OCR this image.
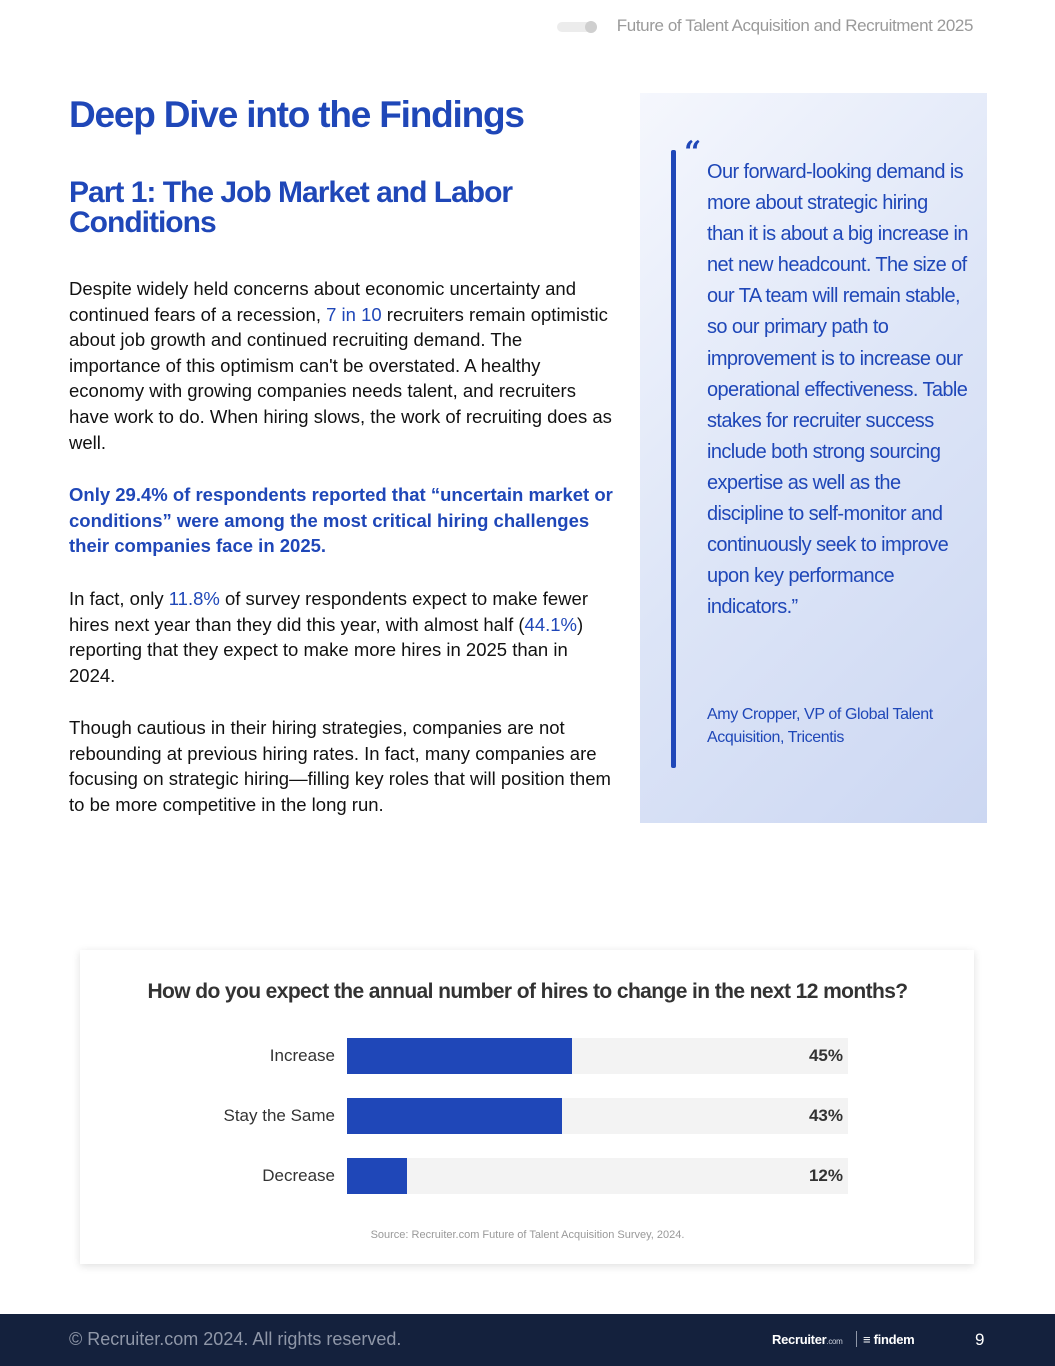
Future of Talent Acquisition and Recruitment 2025
Deep Dive into the Findings
Part 1: The Job Market and Labor Conditions

Despite widely held concerns about economic uncertainty and continued fears of a recession, 7 in 10 recruiters remain optimistic about job growth and continued recruiting demand. The importance of this optimism can't be overstated. A healthy economy with growing companies needs talent, and recruiters have work to do. When hiring slows, the work of recruiting does as well.

Only 29.4% of respondents reported that “uncertain market or conditions” were among the most critical hiring challenges their companies face in 2025.

In fact, only 11.8% of survey respondents expect to make fewer hires next year than they did this year, with almost half (44.1%) reporting that they expect to make more hires in 2025 than in 2024.

Though cautious in their hiring strategies, companies are not rebounding at previous hiring rates. In fact, many companies are focusing on strategic hiring—filling key roles that will position them to be more competitive in the long run.

“
Our forward-looking demand is more about strategic hiring than it is about a big increase in net new headcount. The size of our TA team will remain stable, so our primary path to improvement is to increase our operational effectiveness. Table stakes for recruiter success include both strong sourcing expertise as well as the discipline to self-monitor and continuously seek to improve upon key performance indicators.”
Amy Cropper, VP of Global Talent Acquisition, Tricentis
How do you expect the annual number of hires to change in the next 12 months?
Increase	45%
Stay the Same	43%
Decrease	12%
Source: Recruiter.com Future of Talent Acquisition Survey, 2024.
© Recruiter.com 2024. All rights reserved.	Recruiter.com ≡ findem	9
